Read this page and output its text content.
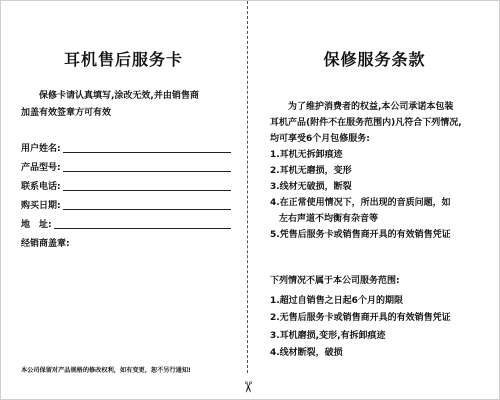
耳机售后服务卡
保修卡请认真填写,涂改无效,并由销售商
加盖有效签章方可有效
用户姓名:
产品型号:
联系电话:
购买日期:
地　址:
经销商盖章:
本公司保留对产品规格的修改权利，如有变更，恕不另行通知!
✂
保修服务条款
为了维护消费者的权益,本公司承诺本包装
耳机产品(附件不在服务范围内)凡符合下列情况,
均可享受6个月包修服务:
1.耳机无拆卸痕迹
2.耳机无磨损，变形
3.线材无破损，断裂
4.在正常使用情况下，所出现的音质问题，如
左右声道不均衡有杂音等
5.凭售后服务卡或销售商开具的有效销售凭证
下列情况不属于本公司服务范围:
1.超过自销售之日起6个月的期限
2.无售后服务卡或销售商开具的有效销售凭证
3.耳机磨损,变形,有拆卸痕迹
4.线材断裂，破损
